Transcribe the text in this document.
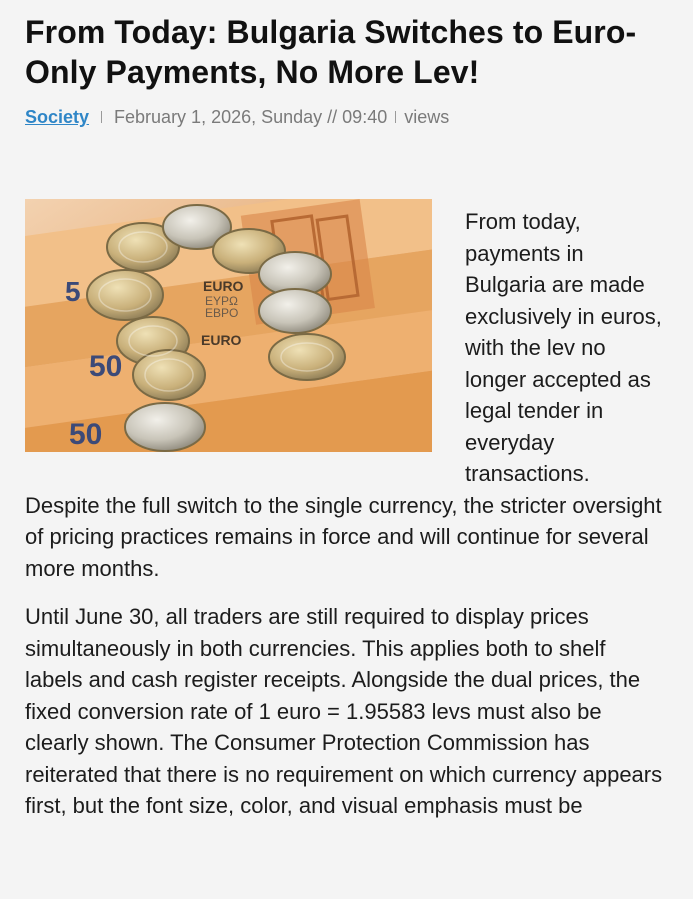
From Today: Bulgaria Switches to Euro-Only Payments, No More Lev!
Society February 1, 2026, Sunday // 09:40 views
5
50
50
EURO
EYPΩ
EBPO
EURO

From today, payments in Bulgaria are made exclusively in euros, with the lev no longer accepted as legal tender in everyday transactions. Despite the full switch to the single currency, the stricter oversight of pricing practices remains in force and will continue for several more months.

Until June 30, all traders are still required to display prices simultaneously in both currencies. This applies both to shelf labels and cash register receipts. Alongside the dual prices, the fixed conversion rate of 1 euro = 1.95583 levs must also be clearly shown. The Consumer Protection Commission has reiterated that there is no requirement on which currency appears first, but the font size, color, and visual emphasis must be
